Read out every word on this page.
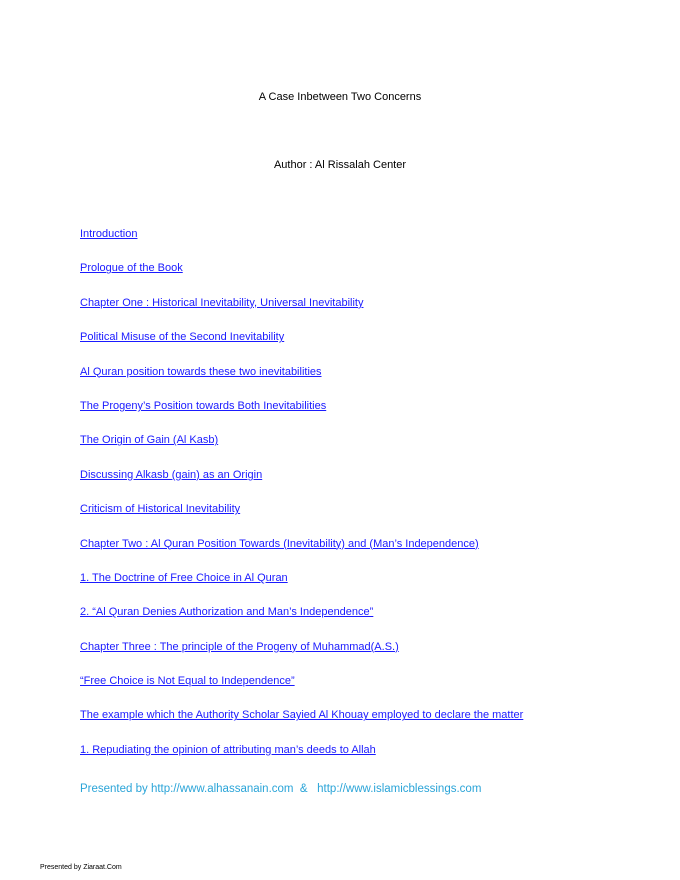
A Case Inbetween Two Concerns
Author : Al Rissalah Center
Introduction
Prologue of the Book
Chapter One : Historical Inevitability, Universal Inevitability
Political Misuse of the Second Inevitability
Al Quran position towards these two inevitabilities
The Progeny’s Position towards Both Inevitabilities
The Origin of Gain (Al Kasb)
Discussing Alkasb (gain) as an Origin
Criticism of Historical Inevitability
Chapter Two : Al Quran Position Towards (Inevitability) and (Man’s Independence)
1. The Doctrine of Free Choice in Al Quran
2. “Al Quran Denies Authorization and Man’s Independence”
Chapter Three : The principle of the Progeny of Muhammad(A.S.)
“Free Choice is Not Equal to Independence”
The example which the Authority Scholar Sayied Al Khouay employed to declare the matter
1. Repudiating the opinion of attributing man’s deeds to Allah
Presented by http://www.alhassanain.com  &   http://www.islamicblessings.com
Presented by Ziaraat.Com
